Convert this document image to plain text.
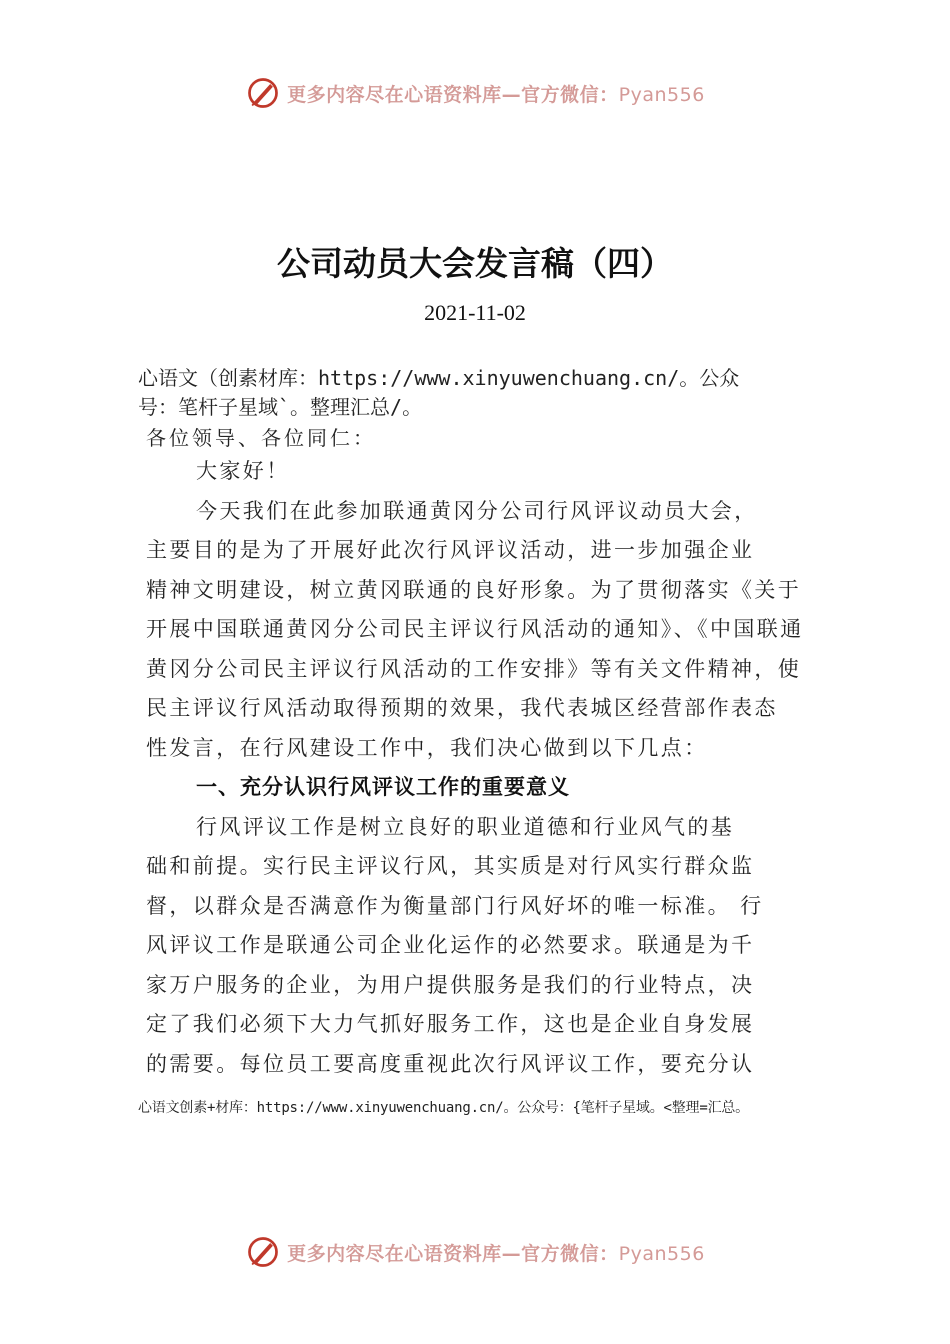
更多内容尽在心语资料库—官方微信：Pyan556
公司动员大会发言稿（四）
2021-11-02
心语文（创素材库：https://www.xinyuwenchuang.cn/。公众
号：笔杆子星域`。整理汇总/。
各位领导、各位同仁：
大家好！
今天我们在此参加联通黄冈分公司行风评议动员大会，
主要目的是为了开展好此次行风评议活动，进一步加强企业
精神文明建设，树立黄冈联通的良好形象。为了贯彻落实《关于
开展中国联通黄冈分公司民主评议行风活动的通知》、《中国联通
黄冈分公司民主评议行风活动的工作安排》等有关文件精神，使
民主评议行风活动取得预期的效果，我代表城区经营部作表态
性发言，在行风建设工作中，我们决心做到以下几点：
一、充分认识行风评议工作的重要意义
行风评议工作是树立良好的职业道德和行业风气的基
础和前提。实行民主评议行风，其实质是对行风实行群众监
督，以群众是否满意作为衡量部门行风好坏的唯一标准。 行
风评议工作是联通公司企业化运作的必然要求。联通是为千
家万户服务的企业，为用户提供服务是我们的行业特点，决
定了我们必须下大力气抓好服务工作，这也是企业自身发展
的需要。每位员工要高度重视此次行风评议工作，要充分认
心语文创素+材库：https://www.xinyuwenchuang.cn/。公众号：{笔杆子星域。<整理=汇总。
更多内容尽在心语资料库—官方微信：Pyan556
